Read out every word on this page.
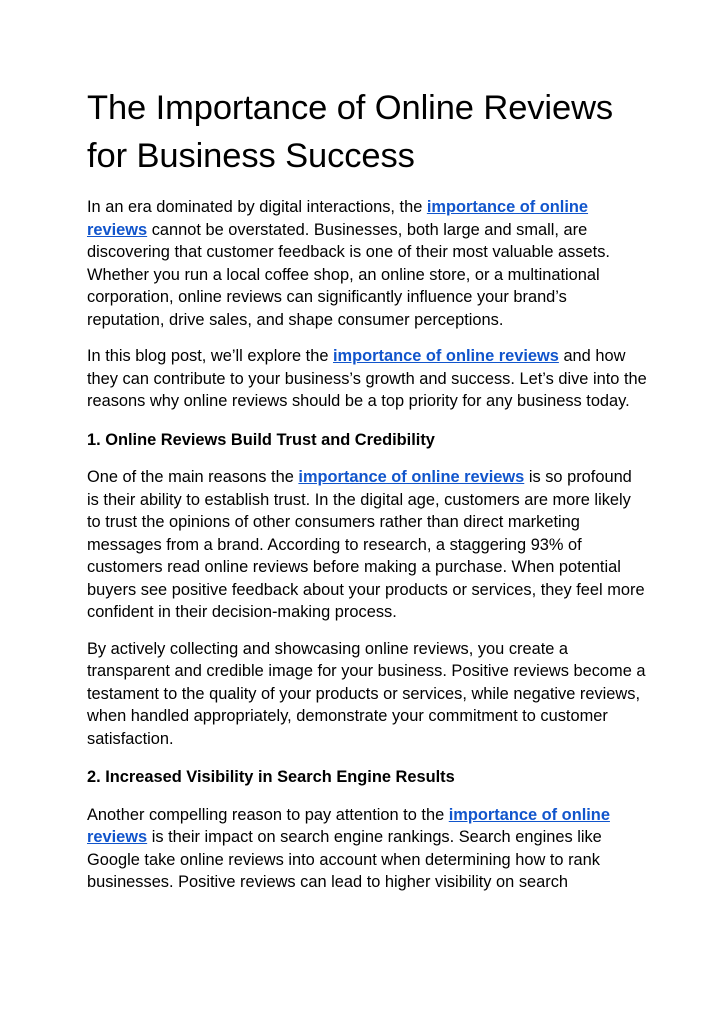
The Importance of Online Reviews for Business Success

In an era dominated by digital interactions, the importance of online reviews cannot be overstated. Businesses, both large and small, are discovering that customer feedback is one of their most valuable assets. Whether you run a local coffee shop, an online store, or a multinational corporation, online reviews can significantly influence your brand’s reputation, drive sales, and shape consumer perceptions.

In this blog post, we’ll explore the importance of online reviews and how they can contribute to your business’s growth and success. Let’s dive into the reasons why online reviews should be a top priority for any business today.

1. Online Reviews Build Trust and Credibility

One of the main reasons the importance of online reviews is so profound is their ability to establish trust. In the digital age, customers are more likely to trust the opinions of other consumers rather than direct marketing messages from a brand. According to research, a staggering 93% of customers read online reviews before making a purchase. When potential buyers see positive feedback about your products or services, they feel more confident in their decision-making process.

By actively collecting and showcasing online reviews, you create a transparent and credible image for your business. Positive reviews become a testament to the quality of your products or services, while negative reviews, when handled appropriately, demonstrate your commitment to customer satisfaction.

2. Increased Visibility in Search Engine Results

Another compelling reason to pay attention to the importance of online reviews is their impact on search engine rankings. Search engines like Google take online reviews into account when determining how to rank businesses. Positive reviews can lead to higher visibility on search
